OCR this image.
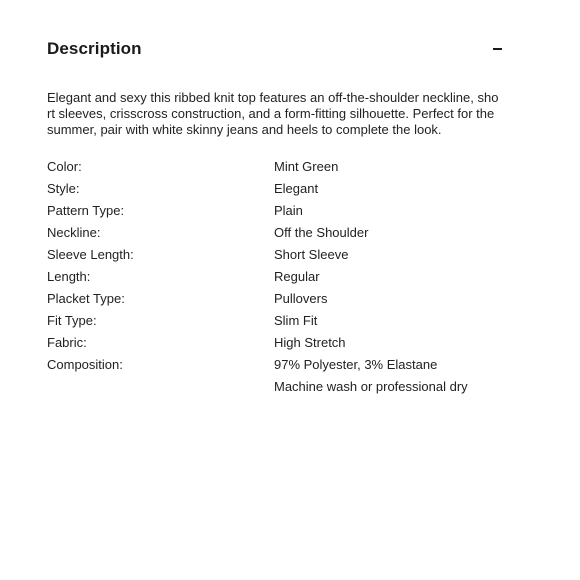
Description
Elegant and sexy this ribbed knit top features an off-the-shoulder neckline, short sleeves, crisscross construction, and a form-fitting silhouette. Perfect for the summer, pair with white skinny jeans and heels to complete the look.
Color:	Mint Green
Style:	Elegant
Pattern Type:	Plain
Neckline:	Off the Shoulder
Sleeve Length:	Short Sleeve
Length:	Regular
Placket Type:	Pullovers
Fit Type:	Slim Fit
Fabric:	High Stretch
Composition:	97% Polyester, 3% Elastane
	Machine wash or professional dry
